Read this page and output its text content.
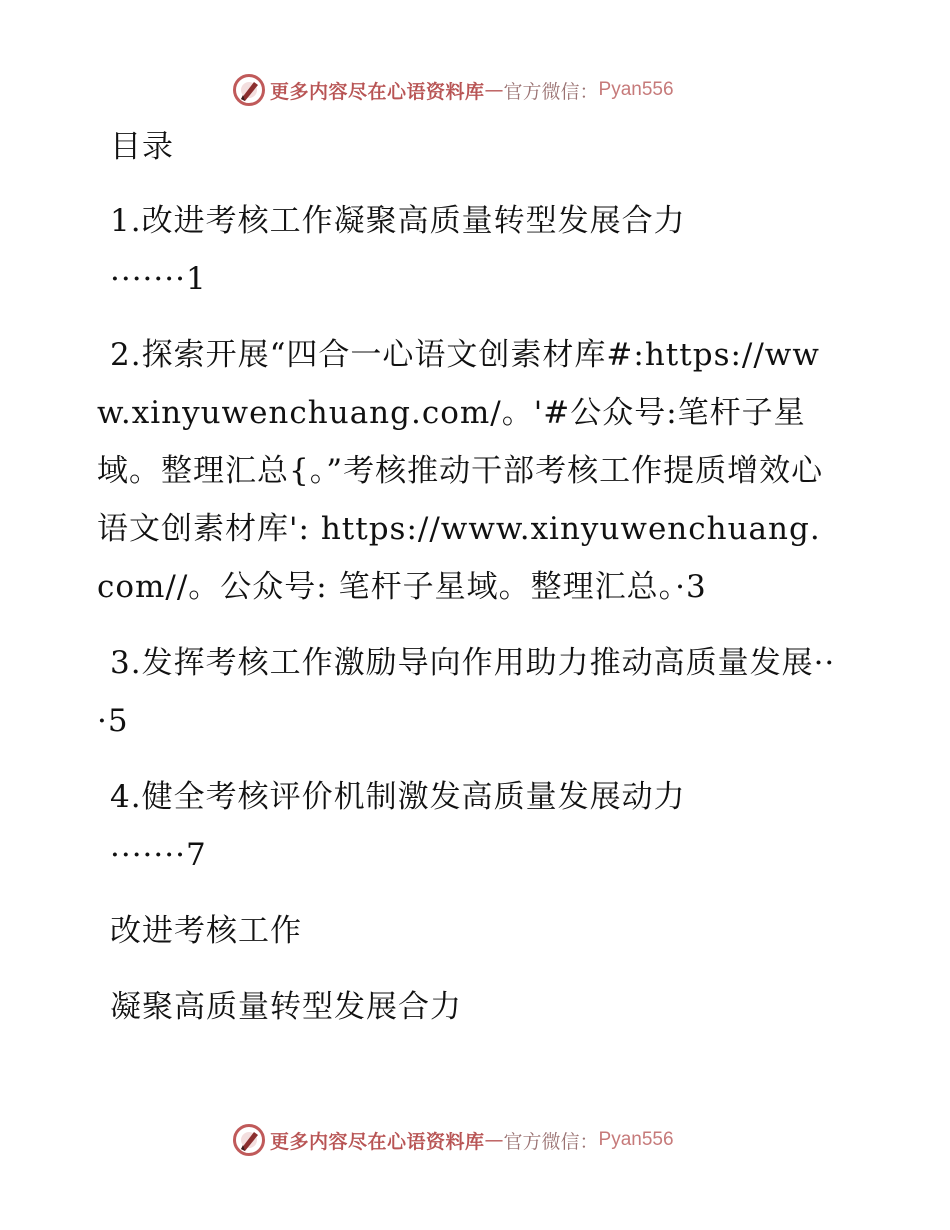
更多内容尽在心语资料库 — 官方微信： Pyan556

目录

1.改进考核工作凝聚高质量转型发展合力
·······1

2.探索开展“四合一心语文创素材库#:https://www.xinyuwenchuang.com/。'#公众号:笔杆子星域。整理汇总{。”考核推动干部考核工作提质增效心语文创素材库': https://www.xinyuwenchuang.com//。公众号: 笔杆子星域。整理汇总。·3

3.发挥考核工作激励导向作用助力推动高质量发展···5

4.健全考核评价机制激发高质量发展动力
·······7

改进考核工作

凝聚高质量转型发展合力

更多内容尽在心语资料库 — 官方微信： Pyan556
